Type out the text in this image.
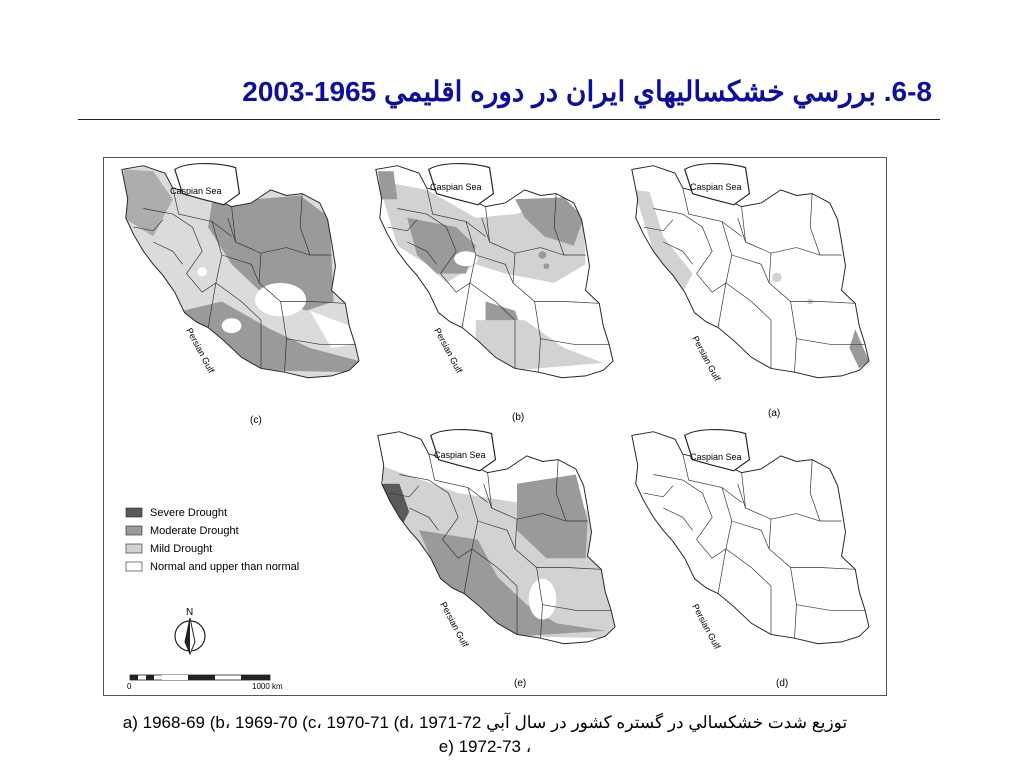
6-8. بررسي خشكساليهاي ايران در دوره اقليمي 1965-2003
Caspian Sea
Persian Gulf
(c)
Caspian Sea
Persian Gulf
(b)
Caspian Sea
Persian Gulf
(a)
Caspian Sea
Persian Gulf
(e)
Caspian Sea
Persian Gulf
(d)
Severe Drought
Moderate Drought
Mild Drought
Normal and upper than normal
N
0	1000 km
توزيع شدت خشكسالي در گستره كشور در سال آبي a) 1968-69 (b، 1969-70 (c، 1970-71 (d، 1971-72
، e) 1972-73
